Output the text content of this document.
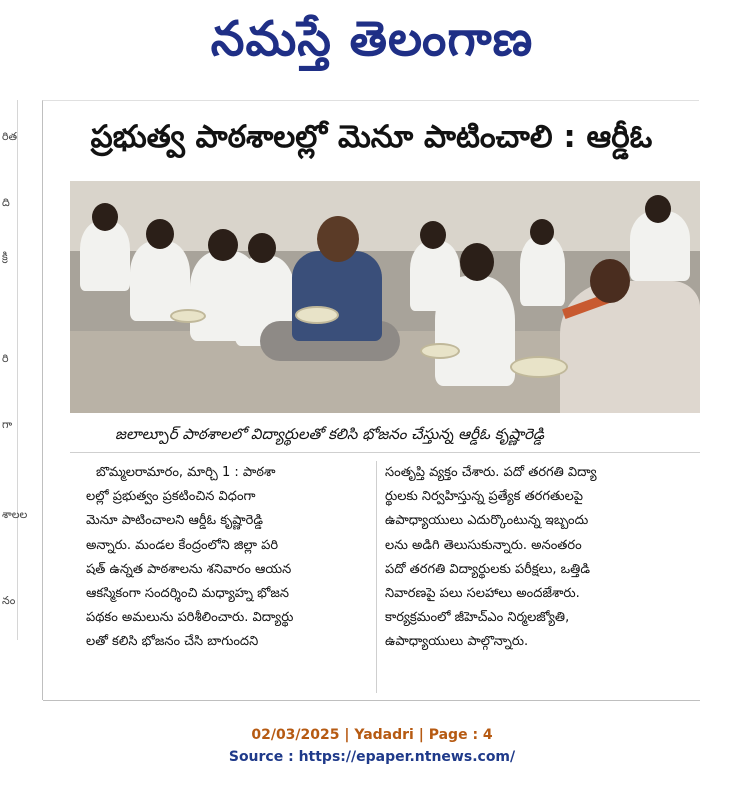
నమస్తే తెలంగాణ
రిత
ది
క్రి
రి
గా
శాలల
నం
ప్రభుత్వ పాఠశాలల్లో మెనూ పాటించాలి : ఆర్డీఓ
జలాల్పూర్ పాఠశాలలో విద్యార్థులతో కలిసి భోజనం చేస్తున్న ఆర్డీఓ కృష్ణారెడ్డి
బొమ్మలరామారం, మార్చి 1 : పాఠశా
లల్లో ప్రభుత్వం ప్రకటించిన విధంగా
మెనూ పాటించాలని ఆర్డీఓ కృష్ణారెడ్డి
అన్నారు. మండల కేంద్రంలోని జిల్లా పరి
షత్ ఉన్నత పాఠశాలను శనివారం ఆయన
ఆకస్మికంగా సందర్శించి మధ్యాహ్న భోజన
పథకం అమలును పరిశీలించారు. విద్యార్థు
లతో కలిసి భోజనం చేసి బాగుందని
సంతృప్తి వ్యక్తం చేశారు. పదో తరగతి విద్యా
ర్థులకు నిర్వహిస్తున్న ప్రత్యేక తరగతులపై
ఉపాధ్యాయులు ఎదుర్కొంటున్న ఇబ్బందు
లను అడిగి తెలుసుకున్నారు. అనంతరం
పదో తరగతి విద్యార్థులకు పరీక్షలు, ఒత్తిడి
నివారణపై పలు సలహాలు అందజేశారు.
కార్యక్రమంలో జీహెచ్ఎం నిర్మలజ్యోతి,
ఉపాధ్యాయులు పాల్గొన్నారు.
02/03/2025 | Yadadri | Page : 4
Source : https://epaper.ntnews.com/
